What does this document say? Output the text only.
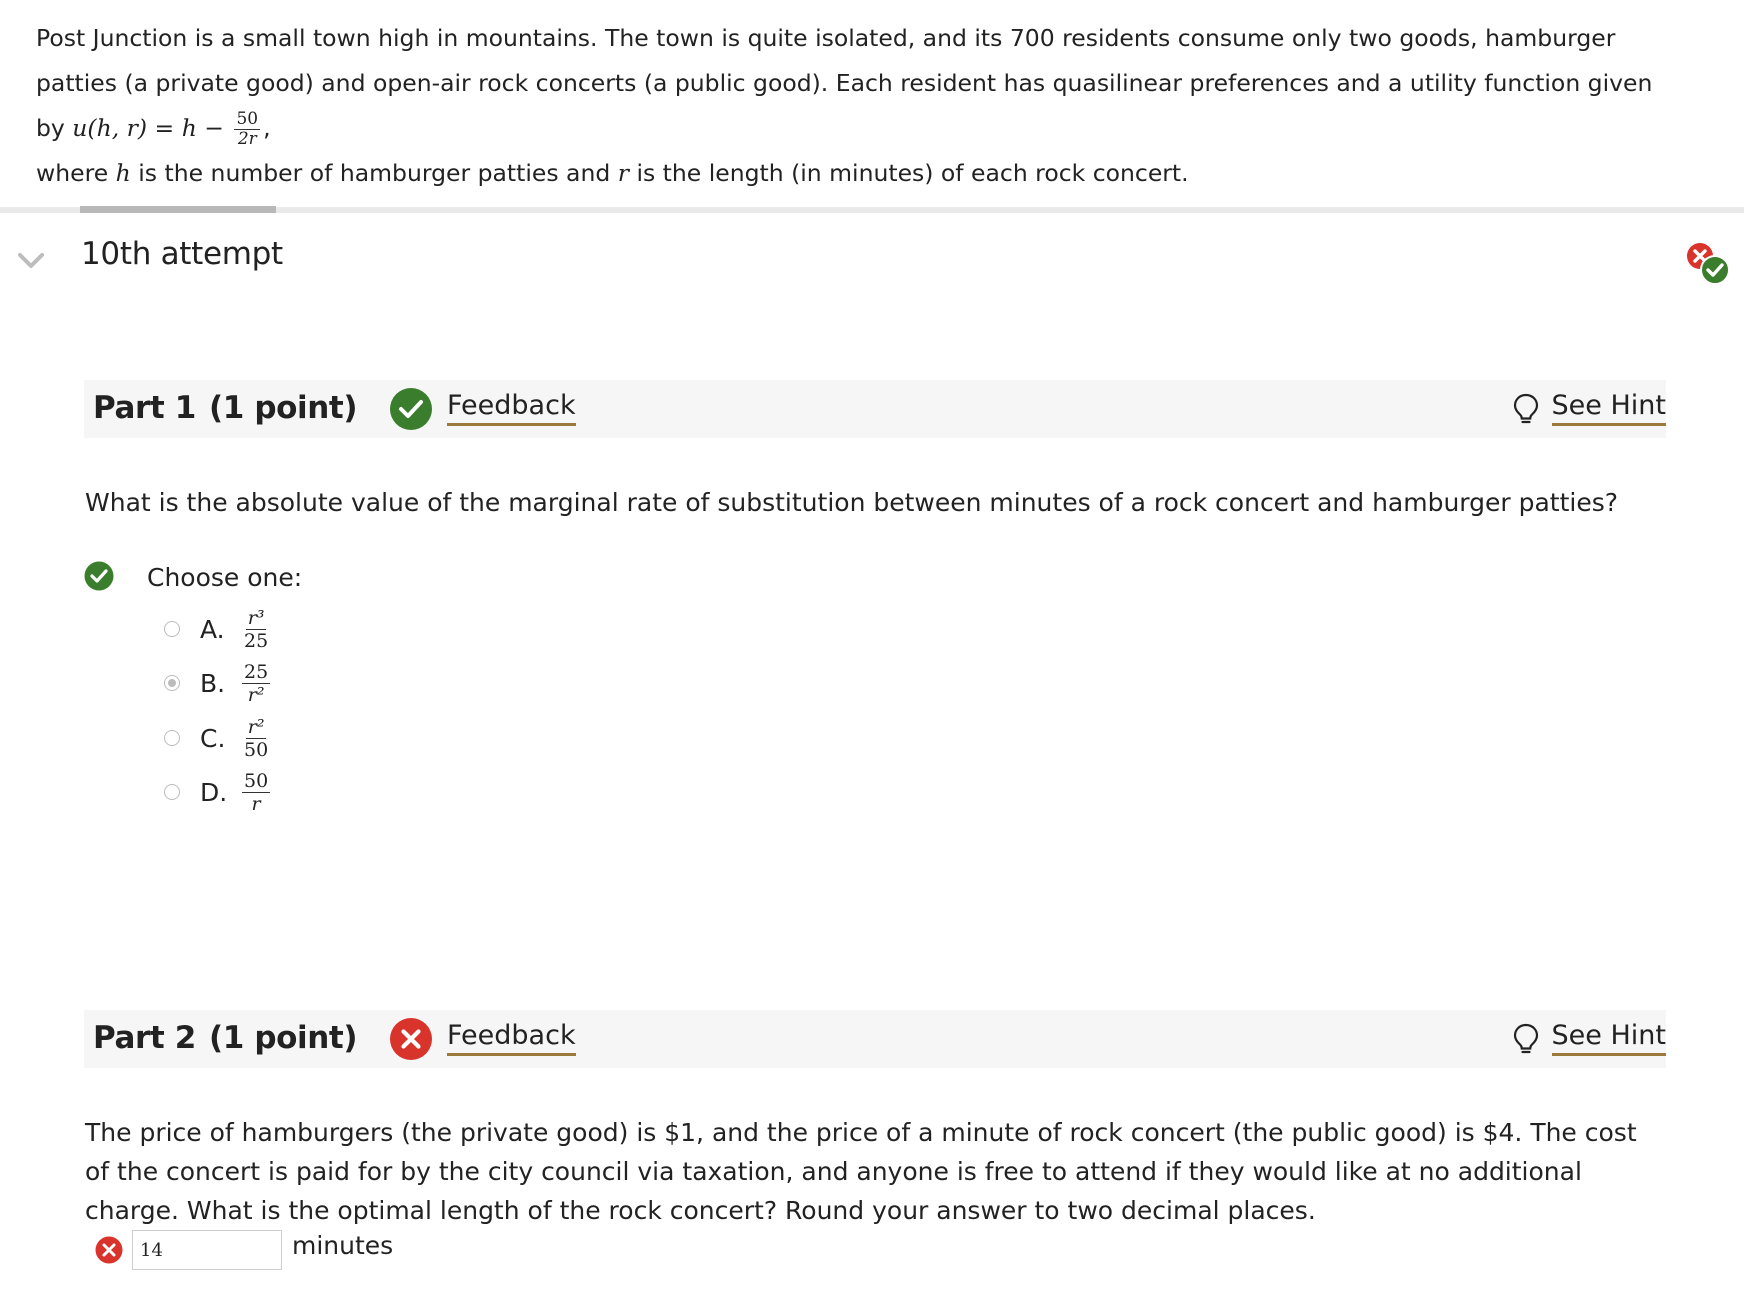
Post Junction is a small town high in mountains. The town is quite isolated, and its 700 residents consume only two goods, hamburger patties (a private good) and open-air rock concerts (a public good). Each resident has quasilinear preferences and a utility function given by u(h, $r) = h - \frac{50}{2r}$ ,
where h is the number of hamburger patties and r is the length (in minutes) of each rock concert.
10th attempt
Part 1 (1 point)	Feedback	See Hint
What is the absolute value of the marginal rate of substitution between minutes of a rock concert and hamburger patties?
Choose one:
A. $\frac{\text{r³}}{25}$
B. $\frac{25}{\text{r²}}$
C. $\frac{\text{r²}}{50}$
D. $\frac{50}{r}$
Part 2 (1 point)	Feedback	See Hint
The price of hamburgers (the private good) is $1, and the price of a minute of rock concert (the public good) is $4. The cost of the concert is paid for by the city council via taxation, and anyone is free to attend if they would like at no additional charge. What is the optimal length of the rock concert? Round your answer to two decimal places.
14
minutes
